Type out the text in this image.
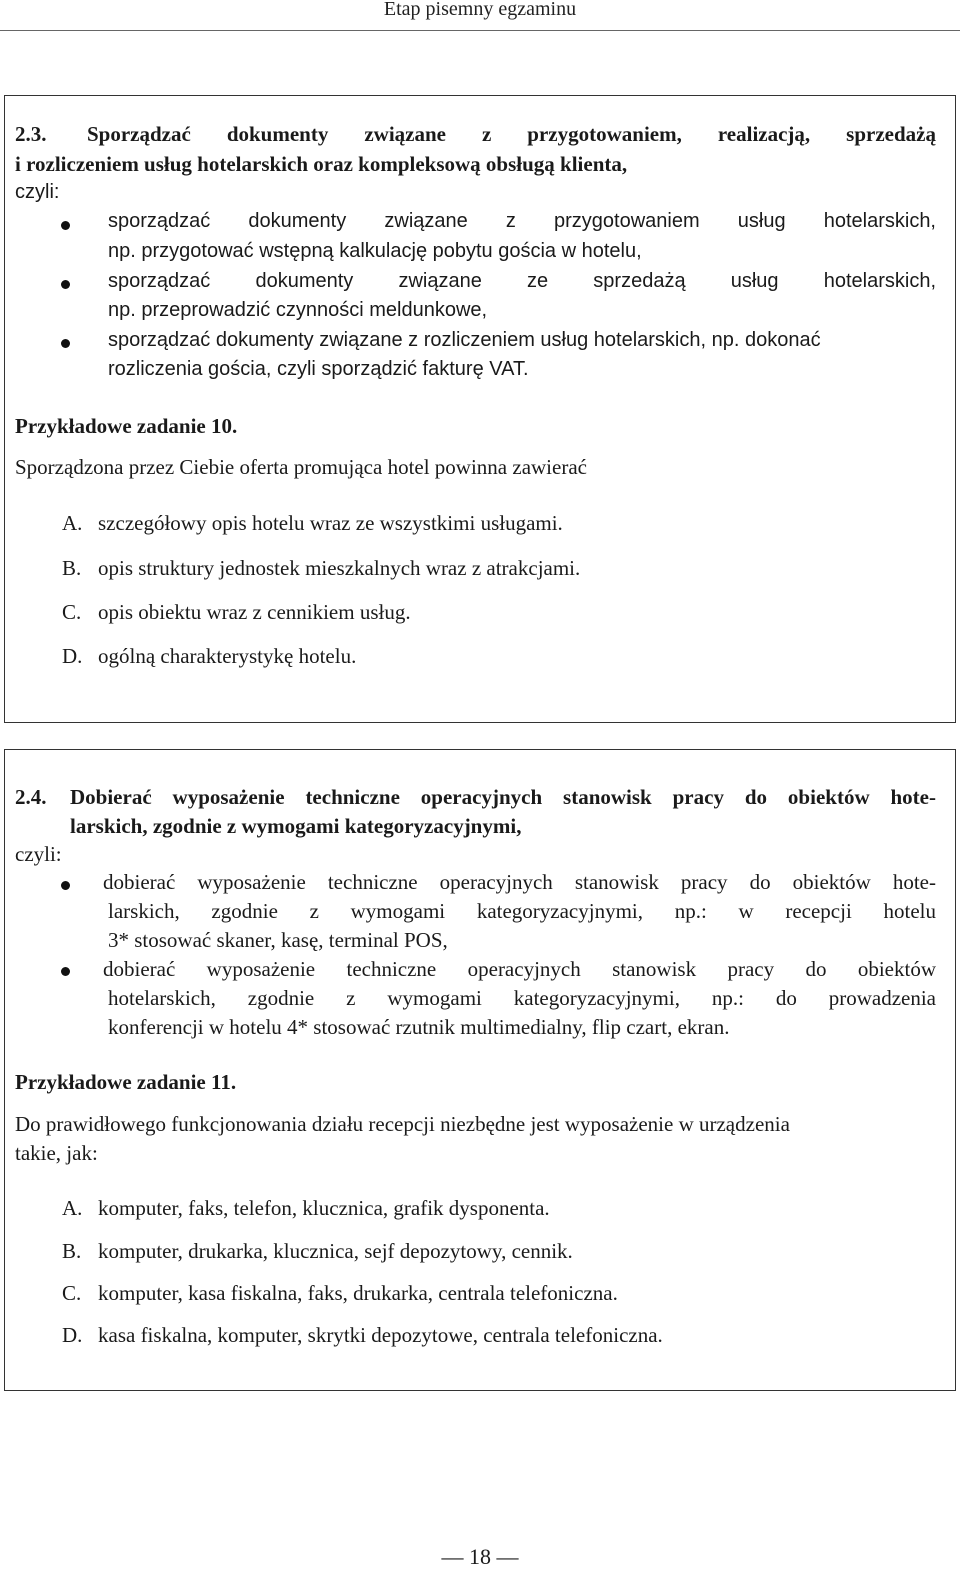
Etap pisemny egzaminu
2.3. Sporządzać dokumenty związane z przygotowaniem, realizacją, sprzedażą
i rozliczeniem usług hotelarskich oraz kompleksową obsługą klienta,
czyli:
sporządzać dokumenty związane z przygotowaniem usług hotelarskich,
np. przygotować wstępną kalkulację pobytu gościa w hotelu,
sporządzać dokumenty związane ze sprzedażą usług hotelarskich,
np. przeprowadzić czynności meldunkowe,
sporządzać dokumenty związane z rozliczeniem usług hotelarskich, np. dokonać
rozliczenia gościa, czyli sporządzić fakturę VAT.
Przykładowe zadanie 10.
Sporządzona przez Ciebie oferta promująca hotel powinna zawierać
A. szczegółowy opis hotelu wraz ze wszystkimi usługami.
B. opis struktury jednostek mieszkalnych wraz z atrakcjami.
C. opis obiektu wraz z cennikiem usług.
D. ogólną charakterystykę hotelu.
2.4. Dobierać wyposażenie techniczne operacyjnych stanowisk pracy do obiektów hote-
larskich, zgodnie z wymogami kategoryzacyjnymi,
czyli:
dobierać wyposażenie techniczne operacyjnych stanowisk pracy do obiektów hote-
larskich, zgodnie z wymogami kategoryzacyjnymi, np.: w recepcji hotelu
3* stosować skaner, kasę, terminal POS,
dobierać wyposażenie techniczne operacyjnych stanowisk pracy do obiektów
hotelarskich, zgodnie z wymogami kategoryzacyjnymi, np.: do prowadzenia
konferencji w hotelu 4* stosować rzutnik multimedialny, flip czart, ekran.
Przykładowe zadanie 11.
Do prawidłowego funkcjonowania działu recepcji niezbędne jest wyposażenie w urządzenia
takie, jak:
A. komputer, faks, telefon, klucznica, grafik dysponenta.
B. komputer, drukarka, klucznica, sejf depozytowy, cennik.
C. komputer, kasa fiskalna, faks, drukarka, centrala telefoniczna.
D. kasa fiskalna, komputer, skrytki depozytowe, centrala telefoniczna.
— 18 —
